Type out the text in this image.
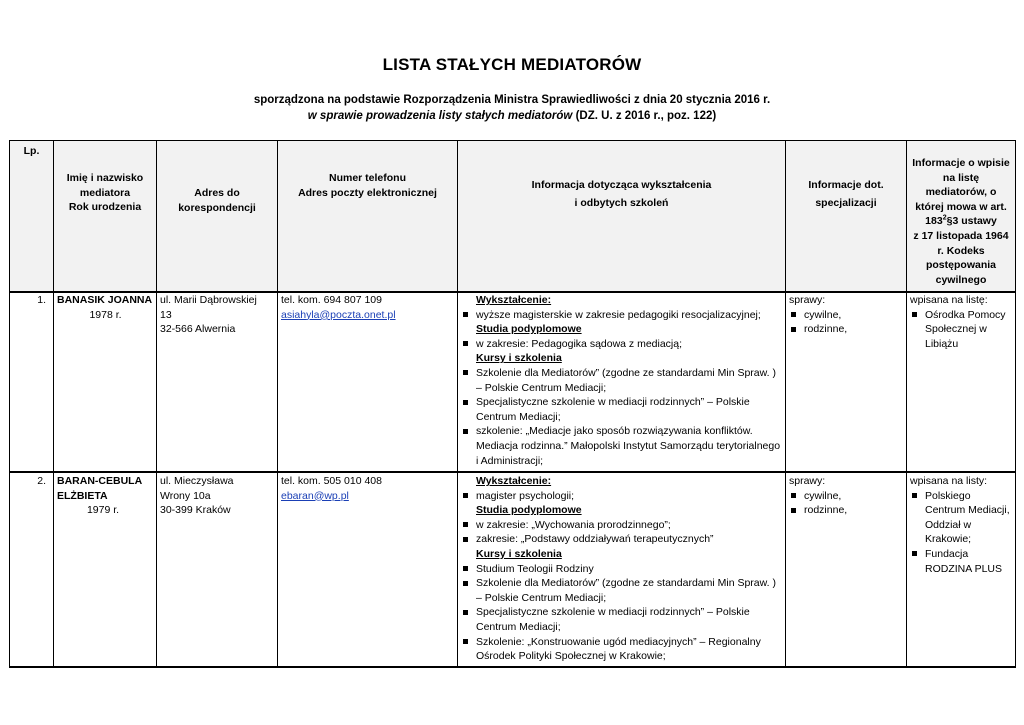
LISTA STAŁYCH MEDIATORÓW
sporządzona na podstawie Rozporządzenia Ministra Sprawiedliwości z dnia 20 stycznia 2016 r.
w sprawie prowadzenia listy stałych mediatorów (DZ. U. z 2016 r., poz. 122)
Lp.
Imię i nazwisko
mediatora
Rok urodzenia
Adres do
korespondencji
Numer telefonu
Adres poczty elektronicznej
Informacja dotycząca wykształcenia
i odbytych szkoleń
Informacje dot.
specjalizacji
Informacje o wpisie
na listę
mediatorów, o
której mowa w art.
$183^2\S 3$ ustawy
z 17 listopada 1964
r. Kodeks
postępowania
cywilnego
1. BANASIK JOANNA
1978 r.
ul. Marii Dąbrowskiej
13
32-566 Alwernia
tel. kom. 694 807 109
asiahyla@poczta.onet.pl
Wykształcenie:
wyższe magisterskie w zakresie pedagogiki resocjalizacyjnej;
Studia podyplomowe
w zakresie: Pedagogika sądowa z mediacją;
Kursy i szkolenia
Szkolenie dla Mediatorów” (zgodne ze standardami Min Spraw. ) – Polskie Centrum Mediacji;
Specjalistyczne szkolenie w mediacji rodzinnych” – Polskie Centrum Mediacji;
szkolenie: „Mediacje jako sposób rozwiązywania konfliktów. Mediacja rodzinna.” Małopolski Instytut Samorządu terytorialnego i Administracji;
sprawy:
cywilne,
rodzinne,
wpisana na listę:
Ośrodka Pomocy Społecznej w Libiążu
2. BARAN-CEBULA ELŻBIETA
1979 r.
ul. Mieczysława
Wrony 10a
30-399 Kraków
tel. kom. 505 010 408
ebaran@wp.pl
Wykształcenie:
magister psychologii;
Studia podyplomowe
w zakresie: „Wychowania prorodzinnego”;
zakresie: „Podstawy oddziaływań terapeutycznych”
Kursy i szkolenia
Studium Teologii Rodziny
Szkolenie dla Mediatorów” (zgodne ze standardami Min Spraw. ) – Polskie Centrum Mediacji;
Specjalistyczne szkolenie w mediacji rodzinnych” – Polskie Centrum Mediacji;
Szkolenie: „Konstruowanie ugód mediacyjnych” – Regionalny Ośrodek Polityki Społecznej w Krakowie;
sprawy:
cywilne,
rodzinne,
wpisana na listy:
Polskiego Centrum Mediacji, Oddział w Krakowie;
Fundacja RODZINA PLUS
